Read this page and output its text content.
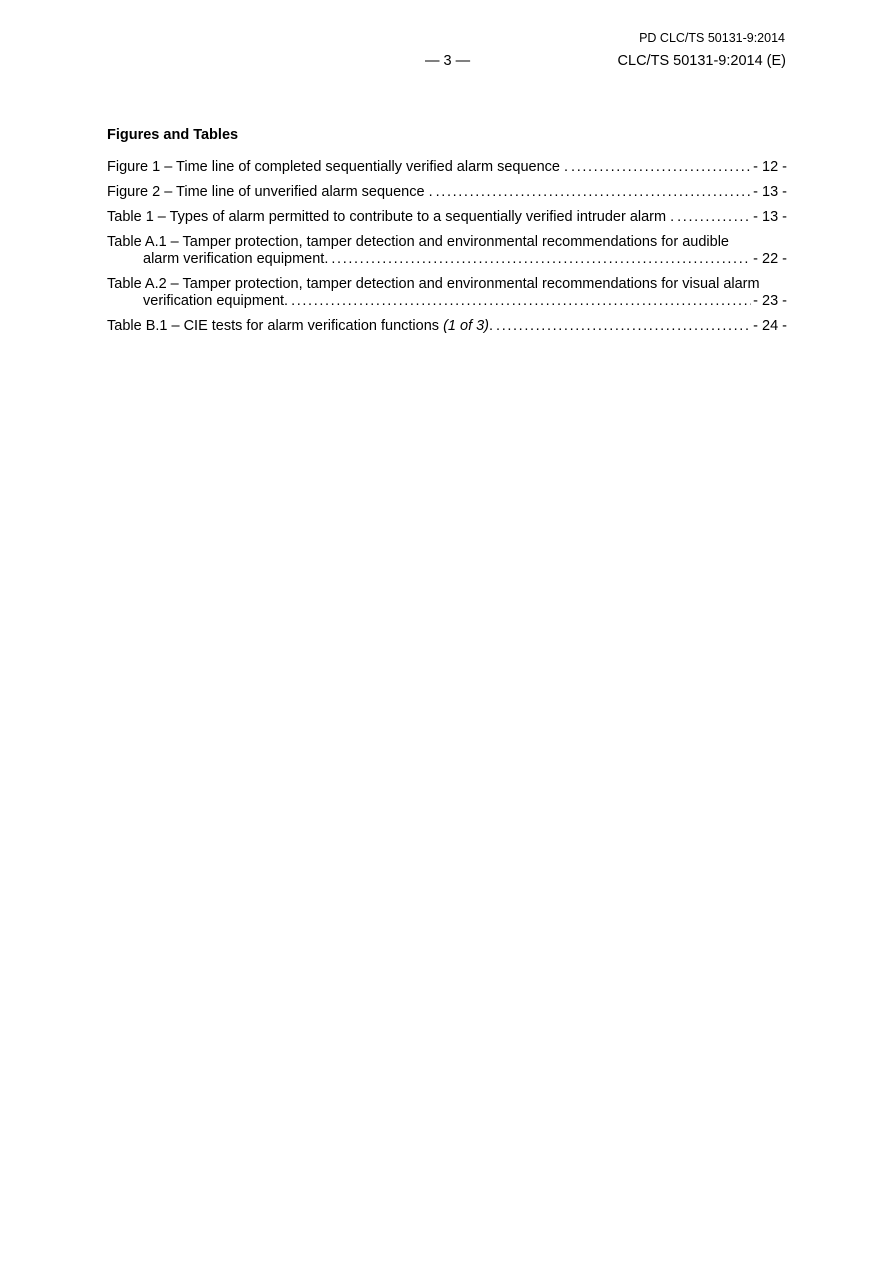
PD CLC/TS 50131-9:2014
— 3 —	CLC/TS 50131-9:2014 (E)
Figures and Tables
Figure 1 – Time line of completed sequentially verified alarm sequence . . . .	- 12 -
Figure 2 – Time line of unverified alarm sequence . . . .	- 13 -
Table 1 – Types of alarm permitted to contribute to a sequentially verified intruder alarm . . . .	- 13 -
Table A.1 – Tamper protection, tamper detection and environmental recommendations for audible
alarm verification equipment. . . .	- 22 -
Table A.2 – Tamper protection, tamper detection and environmental recommendations for visual alarm
verification equipment. . . .	- 23 -
Table B.1 – CIE tests for alarm verification functions (1 of 3). . . .	- 24 -
